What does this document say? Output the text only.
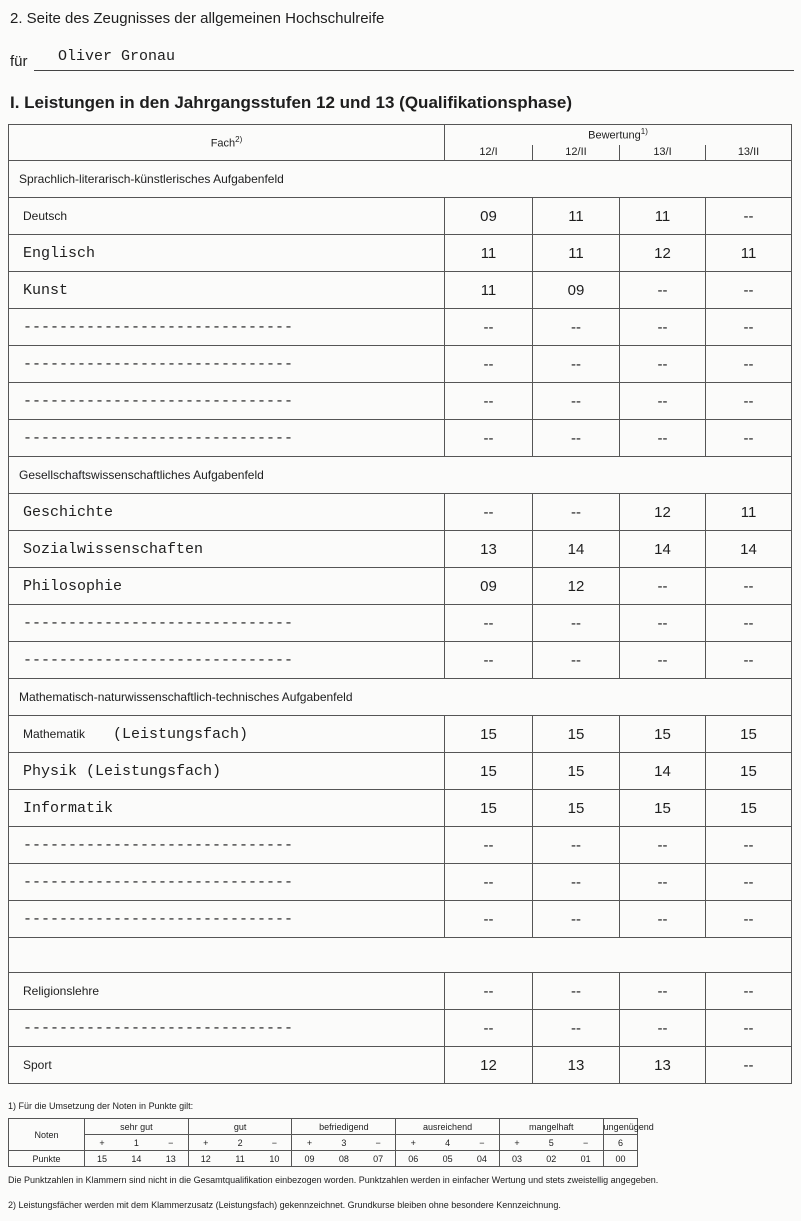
2. Seite des Zeugnisses der allgemeinen Hochschulreife
für Oliver Gronau
I. Leistungen in den Jahrgangsstufen 12 und 13 (Qualifikationsphase)
Fach$^{2)}$	Bewertung$^{1)}$
	12/I	12/II	13/I	13/II
Sprachlich-literarisch-künstlerisches Aufgabenfeld				
Deutsch	09	11	11	--
Englisch	11	11	12	11
Kunst	11	09	--	--
------------------------------	--	--	--	--
------------------------------	--	--	--	--
------------------------------	--	--	--	--
------------------------------	--	--	--	--
Gesellschaftswissenschaftliches Aufgabenfeld				
Geschichte	--	--	12	11
Sozialwissenschaften	13	14	14	14
Philosophie	09	12	--	--
------------------------------	--	--	--	--
------------------------------	--	--	--	--
Mathematisch-naturwissenschaftlich-technisches Aufgabenfeld				
Mathematik (Leistungsfach)	15	15	15	15
Physik (Leistungsfach)	15	15	14	15
Informatik	15	15	15	15
------------------------------	--	--	--	--
------------------------------	--	--	--	--
------------------------------	--	--	--	--

Religionslehre	--	--	--	--
------------------------------	--	--	--	--
Sport	12	13	13	--
1) Für die Umsetzung der Noten in Punkte gilt:
Noten	sehr gut			gut			befriedigend			ausreichend			mangelhaft			ungenügend
	+	1	−	+	2	−	+	3	−	+	4	−	+	5	−	6
Punkte	15	14	13	12	11	10	09	08	07	06	05	04	03	02	01	00
Die Punktzahlen in Klammern sind nicht in die Gesamtqualifikation einbezogen worden. Punktzahlen werden in einfacher Wertung und stets zweistellig angegeben.
2) Leistungsfächer werden mit dem Klammerzusatz (Leistungsfach) gekennzeichnet. Grundkurse bleiben ohne besondere Kennzeichnung.
